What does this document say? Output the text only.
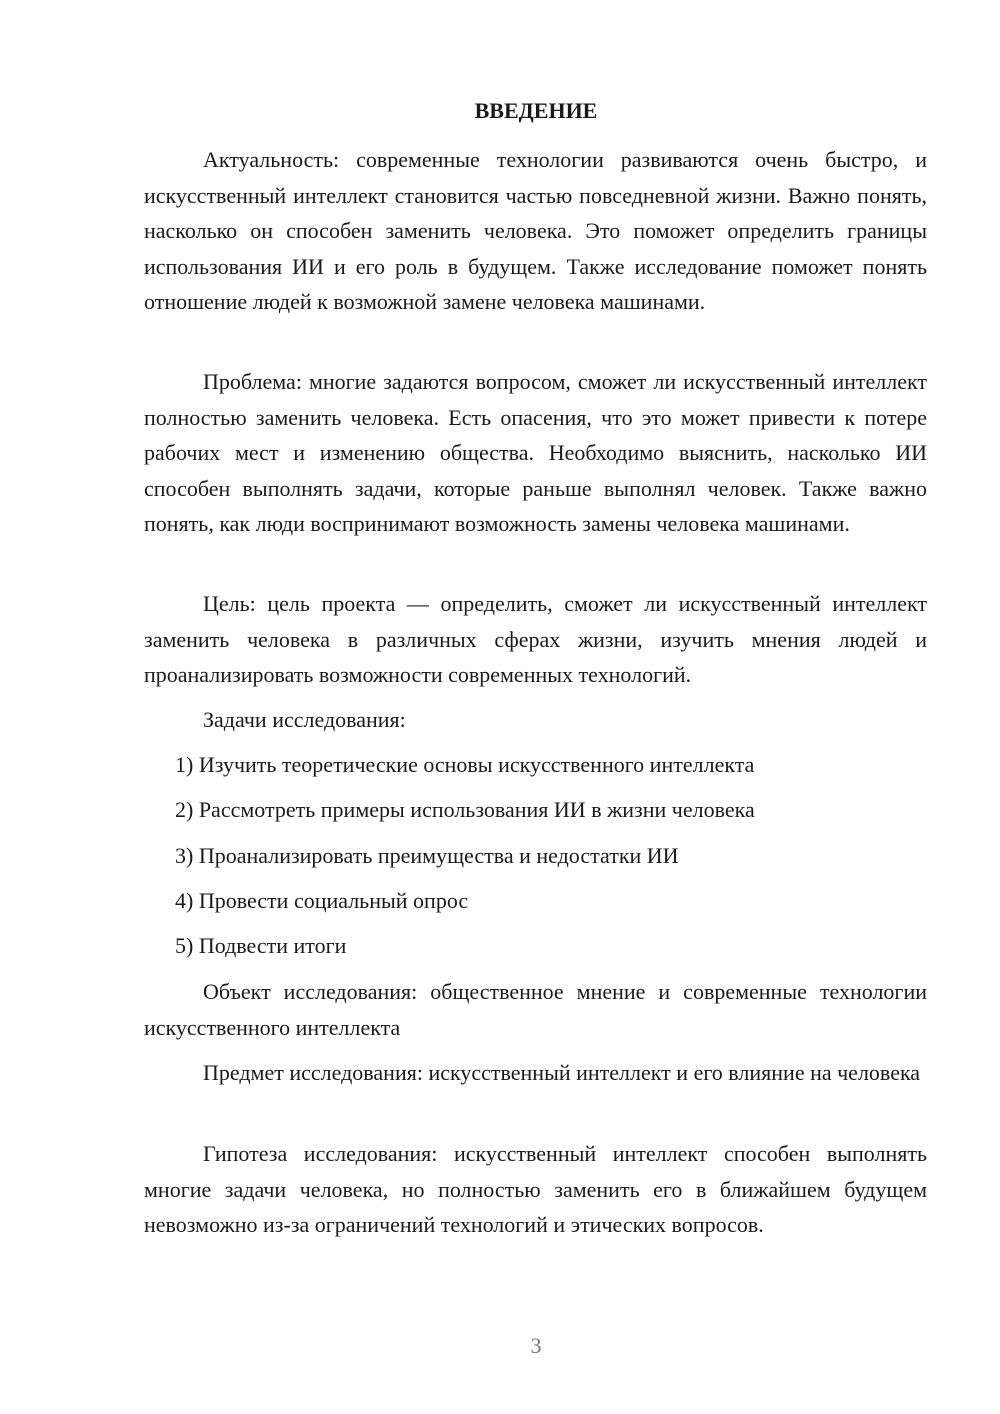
ВВЕДЕНИЕ

Актуальность: современные технологии развиваются очень быстро, и искусственный интеллект становится частью повседневной жизни. Важно понять, насколько он способен заменить человека. Это поможет определить границы использования ИИ и его роль в будущем. Также исследование поможет понять отношение людей к возможной замене человека машинами.

Проблема: многие задаются вопросом, сможет ли искусственный интеллект полностью заменить человека. Есть опасения, что это может привести к потере рабочих мест и изменению общества. Необходимо выяснить, насколько ИИ способен выполнять задачи, которые раньше выполнял человек. Также важно понять, как люди воспринимают возможность замены человека машинами.

Цель: цель проекта — определить, сможет ли искусственный интеллект заменить человека в различных сферах жизни, изучить мнения людей и проанализировать возможности современных технологий.

Задачи исследования:

1) Изучить теоретические основы искусственного интеллекта
2) Рассмотреть примеры использования ИИ в жизни человека
3) Проанализировать преимущества и недостатки ИИ
4) Провести социальный опрос
5) Подвести итоги

Объект исследования: общественное мнение и современные технологии искусственного интеллекта

Предмет исследования: искусственный интеллект и его влияние на человека

Гипотеза исследования: искусственный интеллект способен выполнять многие задачи человека, но полностью заменить его в ближайшем будущем невозможно из-за ограничений технологий и этических вопросов.

3
